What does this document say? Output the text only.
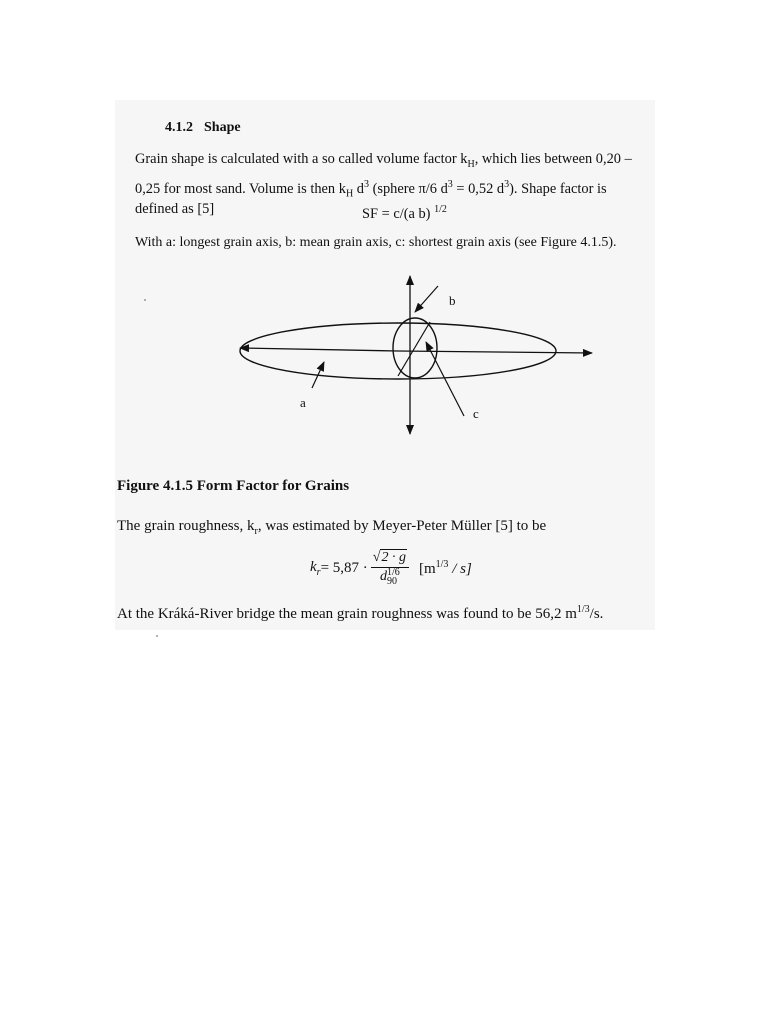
4.1.2 Shape
Grain shape is calculated with a so called volume factor $k_H$, which lies between 0,20 –
0,25 for most sand. Volume is then $k_H$ $d^3$ (sphere π/6 $d^3 = 0,52$ $d^3$). Shape factor is
defined as [5]	SF = c/(a b) $^{1/2}$

With a: longest grain axis, b: mean grain axis, c: shortest grain axis (see Figure 4.1.5).

b
a
c

Figure 4.1.5 Form Factor for Grains

The grain roughness, $k_r$, was estimated by Meyer-Peter Müller [5] to be

$k_r = 5,87 \cdot √2 \cdot g$
d 1/6
90 $[m^{1/3} / s]$

At the Kráká-River bridge the mean grain roughness was found to be 56,2 $m^{1/3}/s$.
